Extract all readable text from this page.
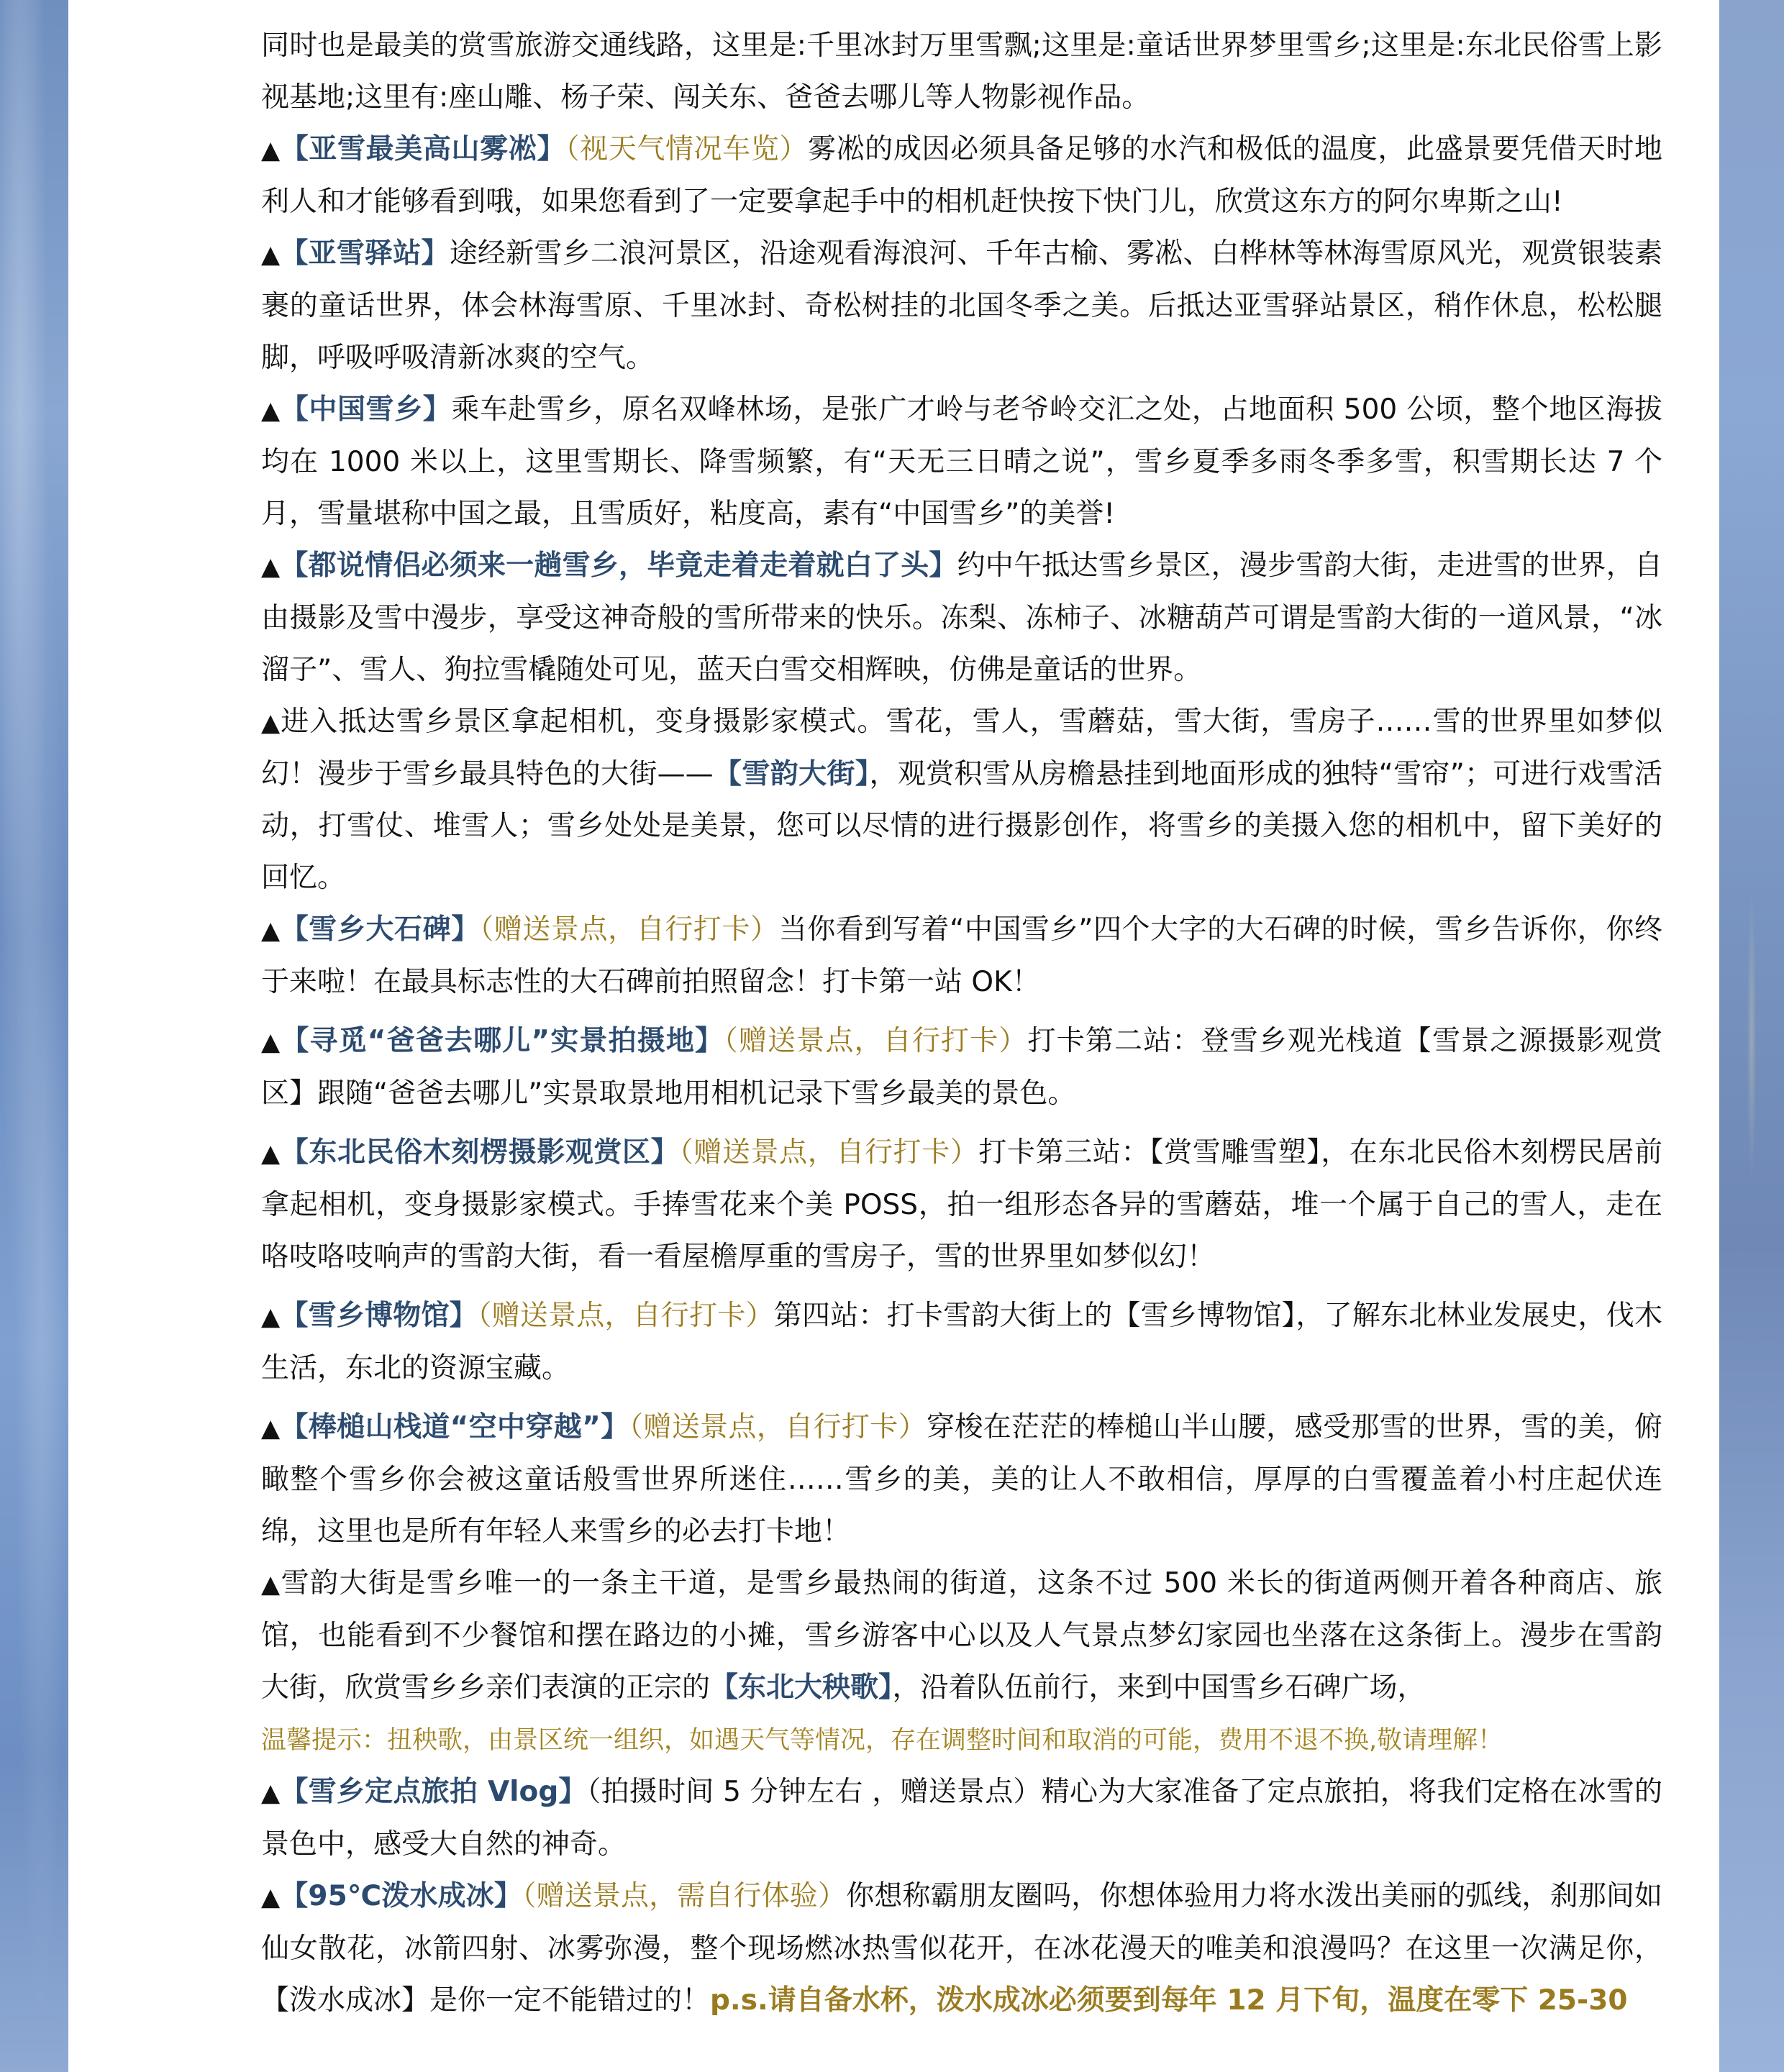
同时也是最美的赏雪旅游交通线路，这里是:千里冰封万里雪飘;这里是:童话世界梦里雪乡;这里是:东北民俗雪上影视基地;这里有:座山雕、杨子荣、闯关东、爸爸去哪儿等人物影视作品。

▲【亚雪最美高山雾凇】（视天气情况车览）雾凇的成因必须具备足够的水汽和极低的温度，此盛景要凭借天时地利人和才能够看到哦，如果您看到了一定要拿起手中的相机赶快按下快门儿，欣赏这东方的阿尔卑斯之山!

▲【亚雪驿站】途经新雪乡二浪河景区，沿途观看海浪河、千年古榆、雾凇、白桦林等林海雪原风光，观赏银装素裹的童话世界，体会林海雪原、千里冰封、奇松树挂的北国冬季之美。后抵达亚雪驿站景区，稍作休息，松松腿脚，呼吸呼吸清新冰爽的空气。

▲【中国雪乡】乘车赴雪乡，原名双峰林场，是张广才岭与老爷岭交汇之处，占地面积 500 公顷，整个地区海拔均在 1000 米以上，这里雪期长、降雪频繁，有“天无三日晴之说”，雪乡夏季多雨冬季多雪，积雪期长达 7 个月，雪量堪称中国之最，且雪质好，粘度高，素有“中国雪乡”的美誉!

▲【都说情侣必须来一趟雪乡，毕竟走着走着就白了头】约中午抵达雪乡景区，漫步雪韵大街，走进雪的世界，自由摄影及雪中漫步，享受这神奇般的雪所带来的快乐。冻梨、冻柿子、冰糖葫芦可谓是雪韵大街的一道风景，“冰溜子”、雪人、狗拉雪橇随处可见，蓝天白雪交相辉映，仿佛是童话的世界。

▲进入抵达雪乡景区拿起相机，变身摄影家模式。雪花，雪人，雪蘑菇，雪大街，雪房子……雪的世界里如梦似幻！漫步于雪乡最具特色的大街——【雪韵大街】，观赏积雪从房檐悬挂到地面形成的独特“雪帘”；可进行戏雪活动，打雪仗、堆雪人；雪乡处处是美景，您可以尽情的进行摄影创作，将雪乡的美摄入您的相机中，留下美好的回忆。

▲【雪乡大石碑】（赠送景点，自行打卡）当你看到写着“中国雪乡”四个大字的大石碑的时候，雪乡告诉你，你终于来啦！在最具标志性的大石碑前拍照留念！打卡第一站 OK！

▲【寻觅“爸爸去哪儿”实景拍摄地】（赠送景点，自行打卡）打卡第二站：登雪乡观光栈道【雪景之源摄影观赏区】跟随“爸爸去哪儿”实景取景地用相机记录下雪乡最美的景色。

▲【东北民俗木刻楞摄影观赏区】（赠送景点，自行打卡）打卡第三站：【赏雪雕雪塑】，在东北民俗木刻楞民居前拿起相机，变身摄影家模式。手捧雪花来个美 POSS，拍一组形态各异的雪蘑菇，堆一个属于自己的雪人，走在咯吱咯吱响声的雪韵大街，看一看屋檐厚重的雪房子，雪的世界里如梦似幻！

▲【雪乡博物馆】（赠送景点，自行打卡）第四站：打卡雪韵大街上的【雪乡博物馆】，了解东北林业发展史，伐木生活，东北的资源宝藏。

▲【棒槌山栈道“空中穿越”】（赠送景点，自行打卡）穿梭在茫茫的棒槌山半山腰，感受那雪的世界，雪的美，俯瞰整个雪乡你会被这童话般雪世界所迷住……雪乡的美，美的让人不敢相信，厚厚的白雪覆盖着小村庄起伏连绵，这里也是所有年轻人来雪乡的必去打卡地！

▲雪韵大街是雪乡唯一的一条主干道，是雪乡最热闹的街道，这条不过 500 米长的街道两侧开着各种商店、旅馆，也能看到不少餐馆和摆在路边的小摊，雪乡游客中心以及人气景点梦幻家园也坐落在这条街上。漫步在雪韵大街，欣赏雪乡乡亲们表演的正宗的【东北大秧歌】，沿着队伍前行，来到中国雪乡石碑广场，
温馨提示：扭秧歌，由景区统一组织，如遇天气等情况，存在调整时间和取消的可能，费用不退不换,敬请理解！

▲【雪乡定点旅拍 Vlog】（拍摄时间 5 分钟左右 ，赠送景点）精心为大家准备了定点旅拍，将我们定格在冰雪的景色中，感受大自然的神奇。

▲【95℃泼水成冰】（赠送景点，需自行体验）你想称霸朋友圈吗，你想体验用力将水泼出美丽的弧线，刹那间如仙女散花，冰箭四射、冰雾弥漫，整个现场燃冰热雪似花开，在冰花漫天的唯美和浪漫吗？在这里一次满足你，【泼水成冰】是你一定不能错过的！p.s.请自备水杯，泼水成冰必须要到每年 12 月下旬，温度在零下 25-30
